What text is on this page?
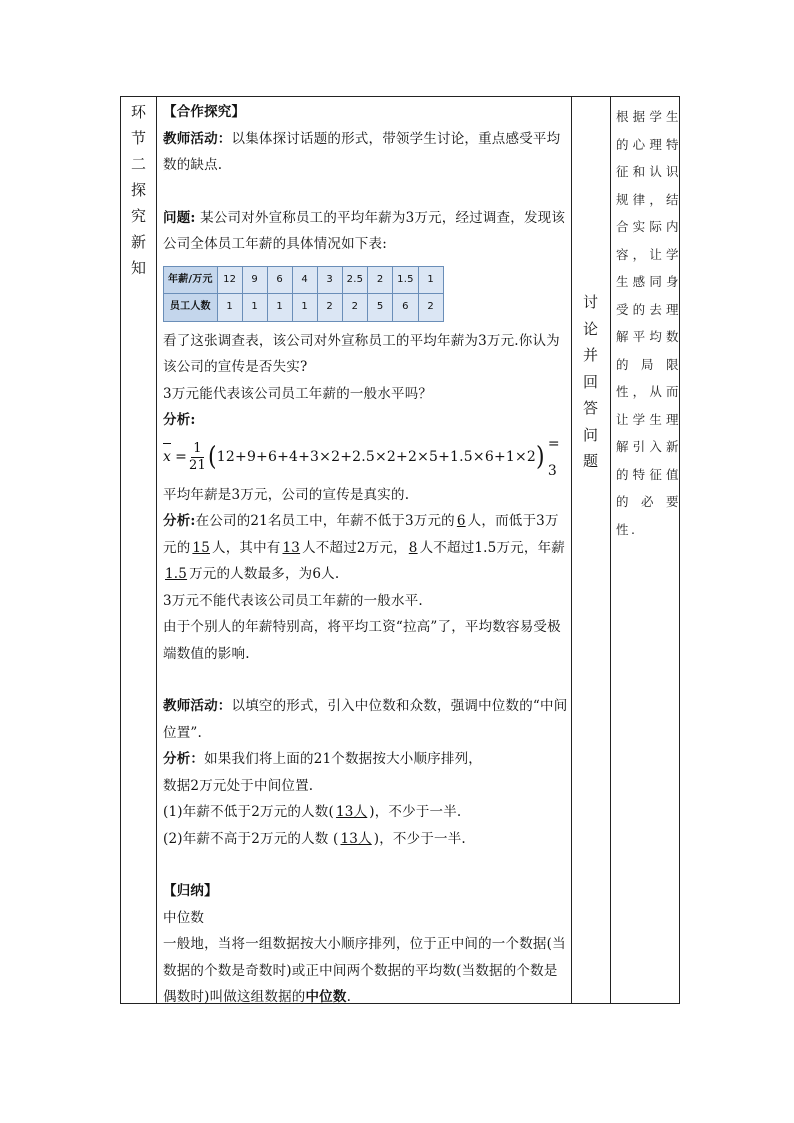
环
节
二
探
究
新
知

【合作探究】

教师活动：以集体探讨话题的形式，带领学生讨论，重点感受平均数的缺点.

问题: 某公司对外宣称员工的平均年薪为3万元，经过调查，发现该公司全体员工年薪的具体情况如下表:

年薪/万元	12	9	6	4	3	2.5	2	1.5	1
员工人数	1	1	1	1	2	2	5	6	2

看了这张调查表，该公司对外宣称员工的平均年薪为3万元.你认为该公司的宣传是否失实?

3万元能代表该公司员工年薪的一般水平吗？

分析:

$x = \frac{1}{21}$ ( 12+9+6+4+3×2+2.5×2+2×5+1.5×6+1×2 ) = 3

平均年薪是3万元，公司的宣传是真实的.

分析:在公司的21名员工中，年薪不低于3万元的 6 人，而低于3万元的 15 人，其中有 13 人不超过2万元， 8 人不超过1.5万元，年薪1.5 万元的人数最多，为6人.

3万元不能代表该公司员工年薪的一般水平.

由于个别人的年薪特别高，将平均工资“拉高”了，平均数容易受极端数值的影响.

教师活动：以填空的形式，引入中位数和众数，强调中位数的“中间位置”.

分析：如果我们将上面的21个数据按大小顺序排列，

数据2万元处于中间位置.

(1)年薪不低于2万元的人数( 13人 )，不少于一半.

(2)年薪不高于2万元的人数 ( 13人 )，不少于一半.

【归纳】

中位数

一般地，当将一组数据按大小顺序排列，位于正中间的一个数据(当数据的个数是奇数时)或正中间两个数据的平均数(当数据的个数是偶数时)叫做这组数据的中位数.

讨
论
并
回
答
问
题
根据学生的心理特征和认识规律，结合实际内容，让学生感同身受的去理解平均数的局限性，从而让学生理解引入新的特征值的必要性.
